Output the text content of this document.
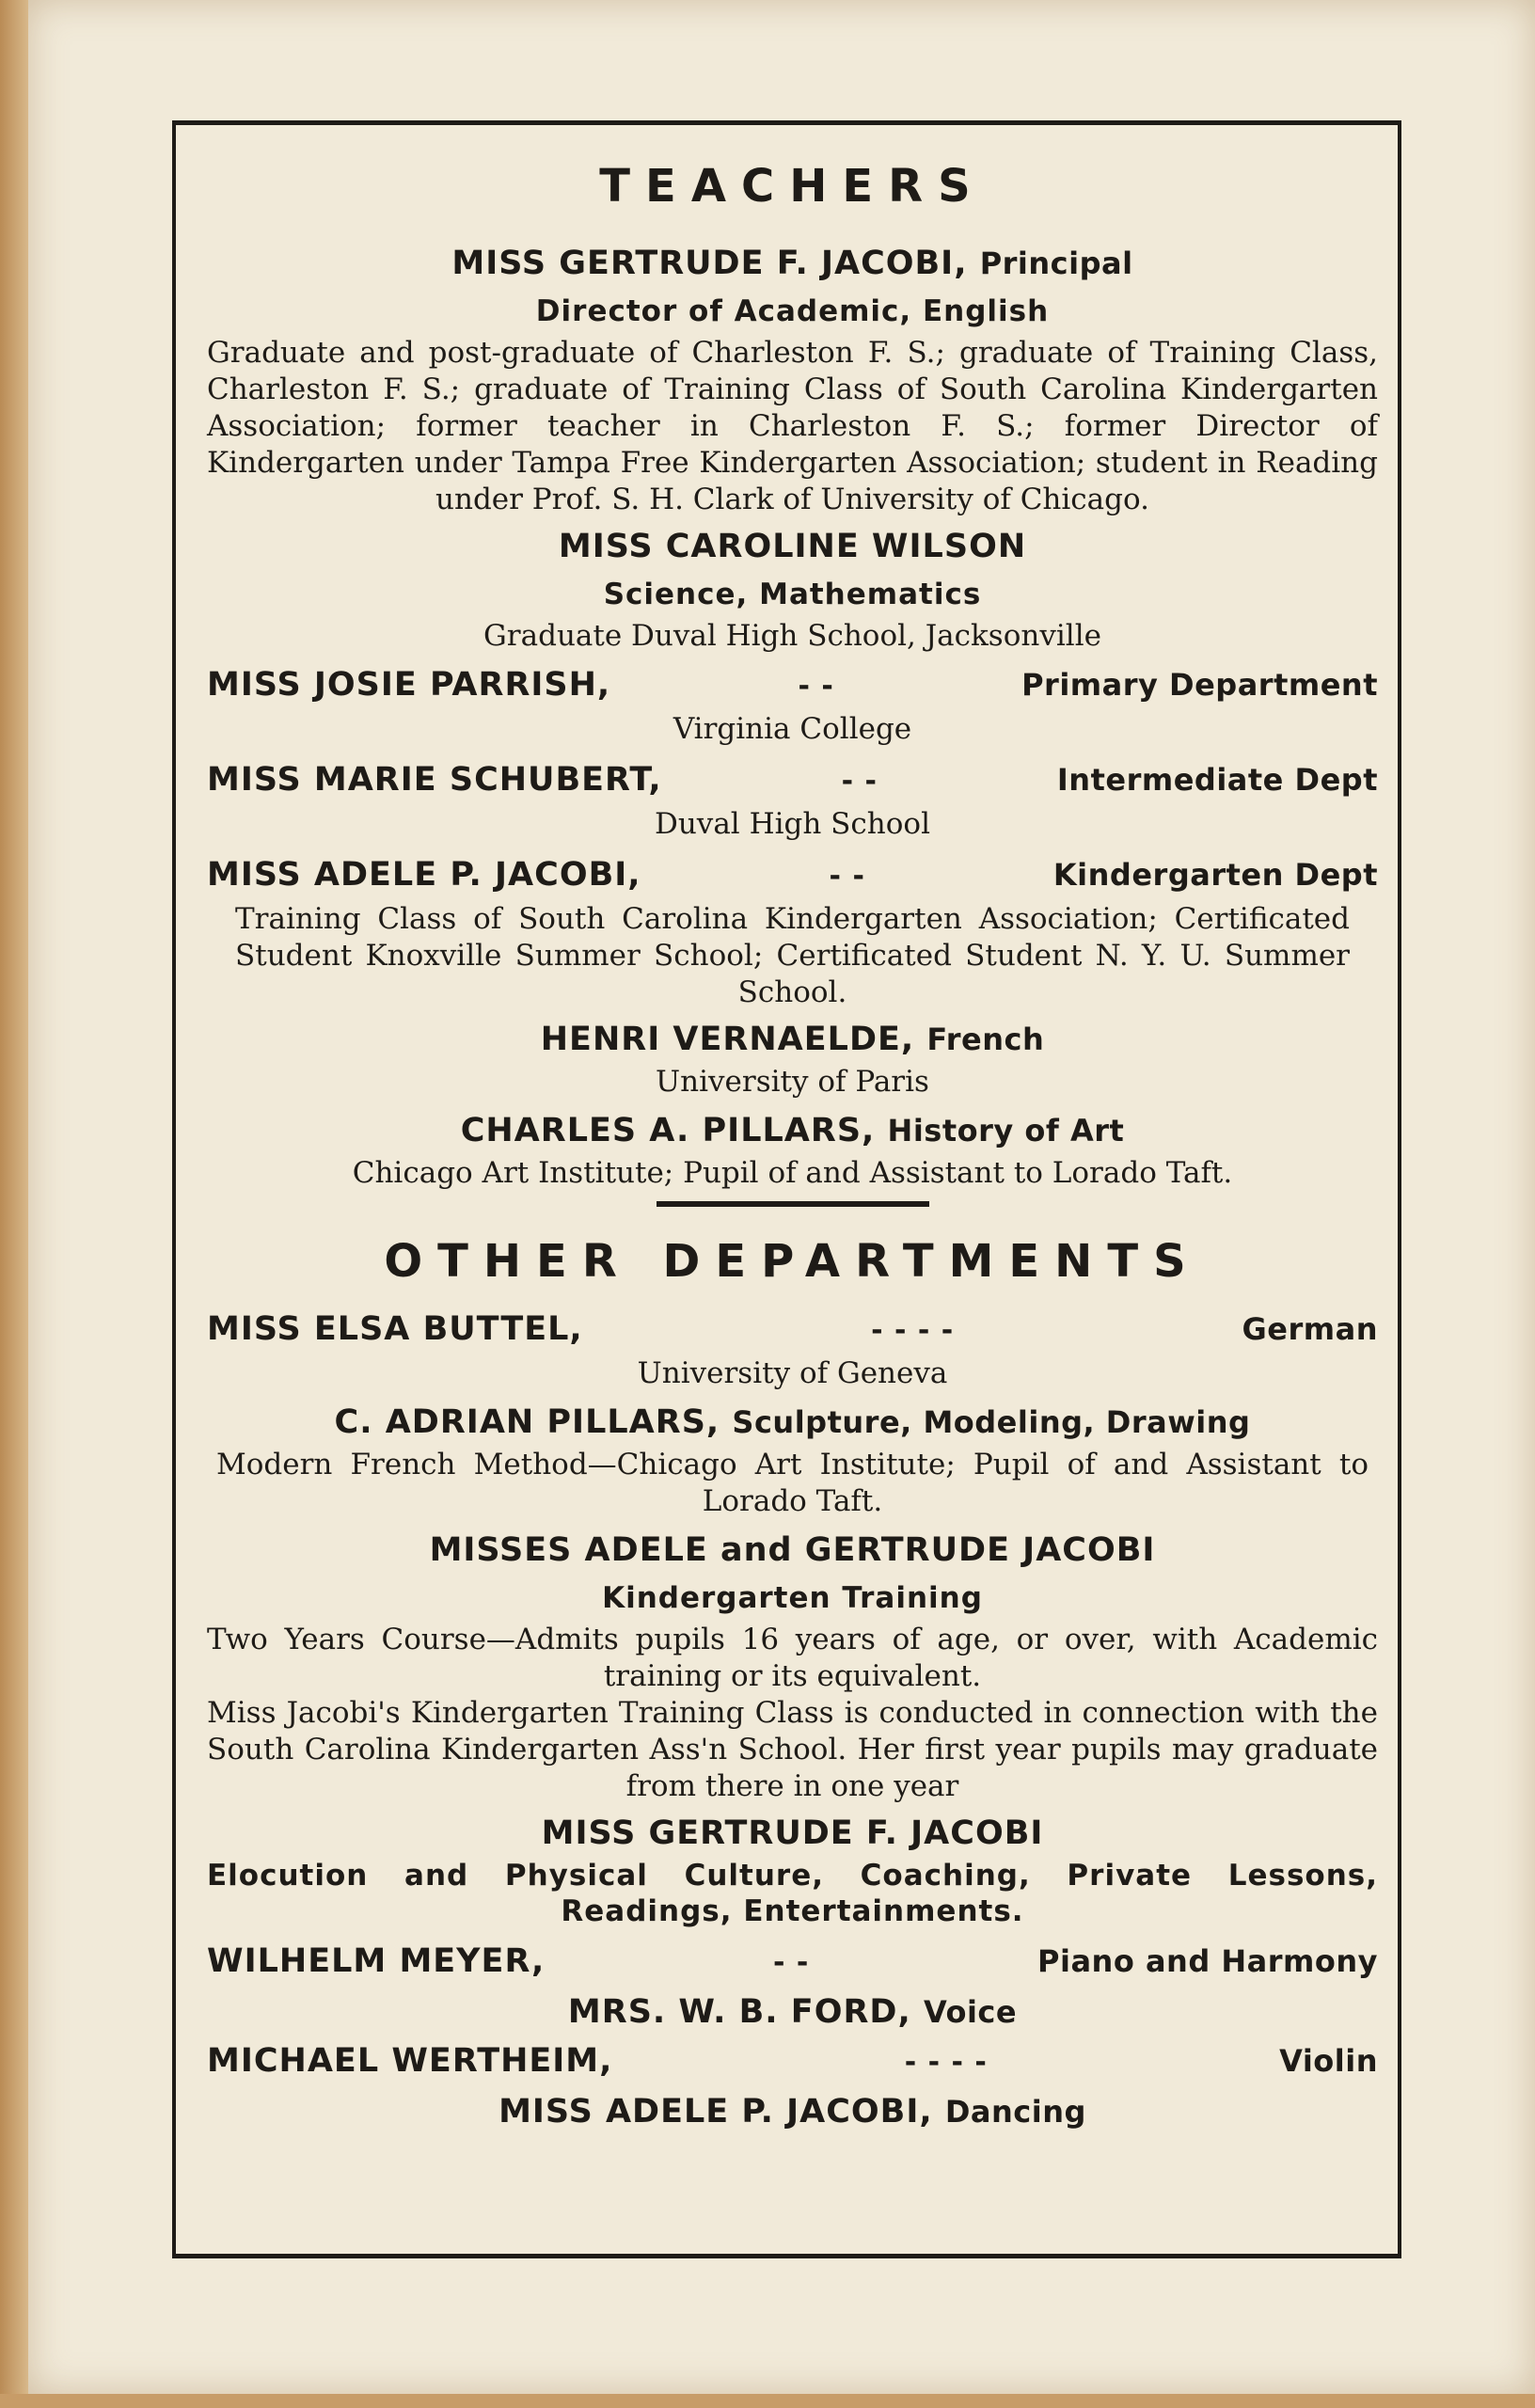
TEACHERS
MISS GERTRUDE F. JACOBI, Principal
Director of Academic, English
Graduate and post-graduate of Charleston F. S.; graduate of Training Class, Charleston F. S.; graduate of Training Class of South Carolina Kindergarten Association; former teacher in Charleston F. S.; former Director of Kindergarten under Tampa Free Kindergarten Association; student in Reading under Prof. S. H. Clark of University of Chicago.
MISS CAROLINE WILSON
Science, Mathematics
Graduate Duval High School, Jacksonville
MISS JOSIE PARRISH,	- -	Primary Department
Virginia College
MISS MARIE SCHUBERT,	- -	Intermediate Dept
Duval High School
MISS ADELE P. JACOBI,	- -	Kindergarten Dept
Training Class of South Carolina Kindergarten Association; Certificated Student Knoxville Summer School; Certificated Student N. Y. U. Summer School.
HENRI VERNAELDE, French
University of Paris
CHARLES A. PILLARS, History of Art
Chicago Art Institute; Pupil of and Assistant to Lorado Taft.
OTHER DEPARTMENTS
MISS ELSA BUTTEL,	- - - -	German
University of Geneva
C. ADRIAN PILLARS, Sculpture, Modeling, Drawing
Modern French Method—Chicago Art Institute; Pupil of and Assistant to Lorado Taft.
MISSES ADELE and GERTRUDE JACOBI
Kindergarten Training
Two Years Course—Admits pupils 16 years of age, or over, with Academic training or its equivalent.
Miss Jacobi's Kindergarten Training Class is conducted in connection with the South Carolina Kindergarten Ass'n School. Her first year pupils may graduate from there in one year
MISS GERTRUDE F. JACOBI
Elocution and Physical Culture, Coaching, Private Lessons, Readings, Entertainments.
WILHELM MEYER,	- -	Piano and Harmony
MRS. W. B. FORD, Voice
MICHAEL WERTHEIM,	- - - -	Violin
MISS ADELE P. JACOBI, Dancing
